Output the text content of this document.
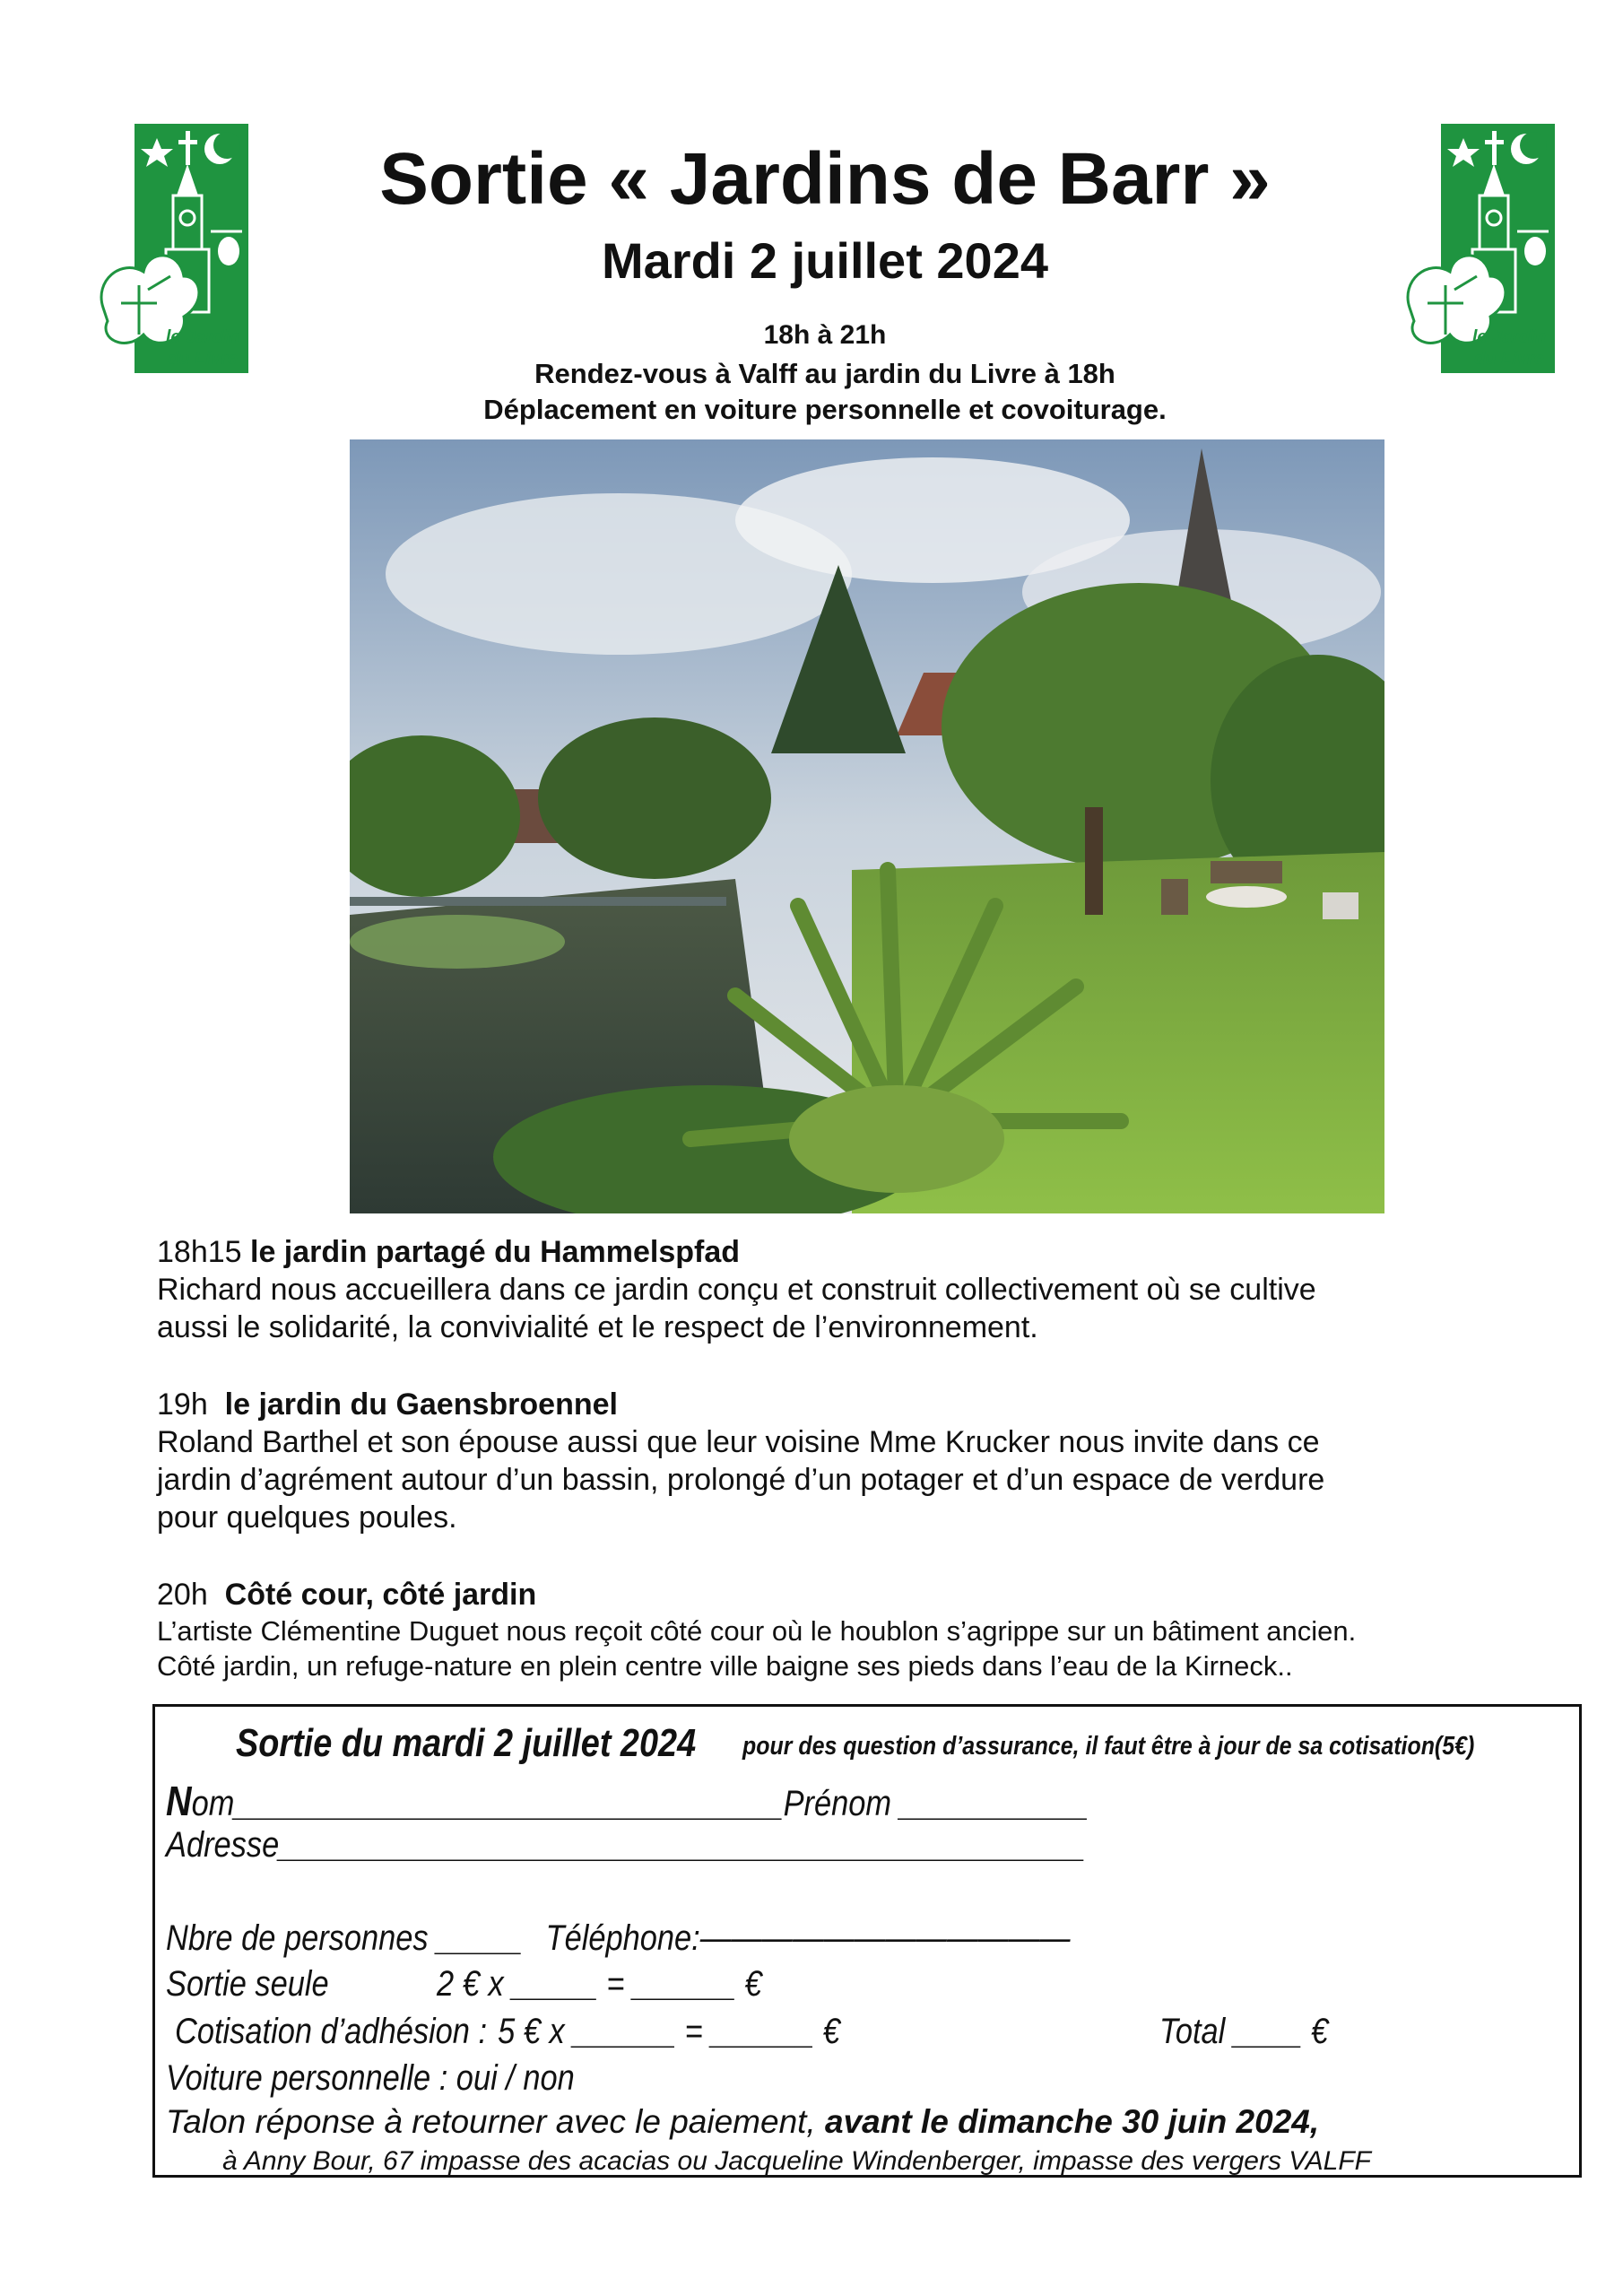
le Jardin
du Livre
le Jardin
du Livre
Sortie « Jardins de Barr »
Mardi 2 juillet 2024
18h à 21h
Rendez-vous à Valff au jardin du Livre à 18h
Déplacement en voiture personnelle et covoiturage.

18h15 le jardin partagé du Hammelspfad

Richard nous accueillera dans ce jardin conçu et construit collectivement où se cultive

aussi le solidarité, la convivialité et le respect de l’environnement.

19h le jardin du Gaensbroennel

Roland Barthel et son épouse aussi que leur voisine Mme Krucker nous invite dans ce

jardin d’agrément autour d’un bassin, prolongé d’un potager et d’un espace de verdure

pour quelques poules.

20h Côté cour, côté jardin

L’artiste Clémentine Duguet nous reçoit côté cour où le houblon s’agrippe sur un bâtiment ancien.

Côté jardin, un refuge-nature en plein centre ville baigne ses pieds dans l’eau de la Kirneck..

Sortie du mardi 2 juillet 2024 pour des question d’assurance, il faut être à jour de sa cotisation(5€)
Nom________________________________Prénom ___________
Adresse_______________________________________________
Nbre de personnes _____ Téléphone:————————————
Sortie seule	2 € x _____ = ______ €
Cotisation d’adhésion : 5 € x ______ = ______ €	Total ____ €
Voiture personnelle : oui / non
Talon réponse à retourner avec le paiement, avant le dimanche 30 juin 2024,
à Anny Bour, 67 impasse des acacias ou Jacqueline Windenberger, impasse des vergers VALFF
